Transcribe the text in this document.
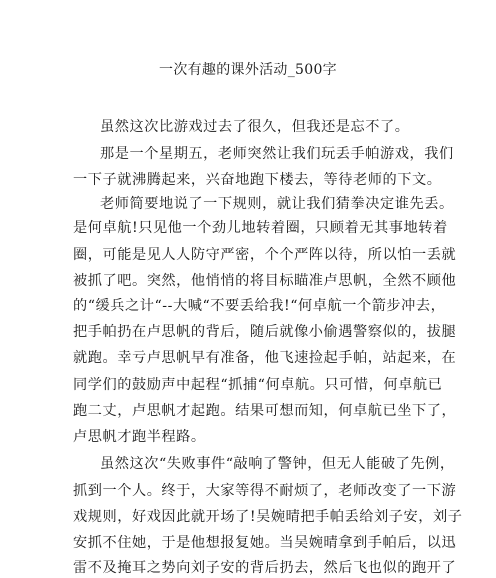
一次有趣的课外活动_500字
虽然这次比游戏过去了很久，但我还是忘不了。
那是一个星期五，老师突然让我们玩丢手帕游戏，我们
一下子就沸腾起来，兴奋地跑下楼去，等待老师的下文。
老师简要地说了一下规则，就让我们猜拳决定谁先丢。
是何卓航!只见他一个劲儿地转着圈，只顾着无其事地转着
圈，可能是见人人防守严密，个个严阵以待，所以怕一丢就
被抓了吧。突然，他悄悄的将目标瞄准卢思帆，全然不顾他
的“缓兵之计“--大喊“不要丢给我!“何卓航一个箭步冲去，
把手帕扔在卢思帆的背后，随后就像小偷遇警察似的，拔腿
就跑。幸亏卢思帆早有准备，他飞速捡起手帕，站起来，在
同学们的鼓励声中起程“抓捕“何卓航。只可惜，何卓航已
跑二丈，卢思帆才起跑。结果可想而知，何卓航已坐下了，
卢思帆才跑半程路。
虽然这次“失败事件“敲响了警钟，但无人能破了先例，
抓到一个人。终于，大家等得不耐烦了，老师改变了一下游
戏规则，好戏因此就开场了!吴婉晴把手帕丢给刘子安，刘子
安抓不住她，于是他想报复她。当吴婉晴拿到手帕后，以迅
雷不及掩耳之势向刘子安的背后扔去，然后飞也似的跑开了
